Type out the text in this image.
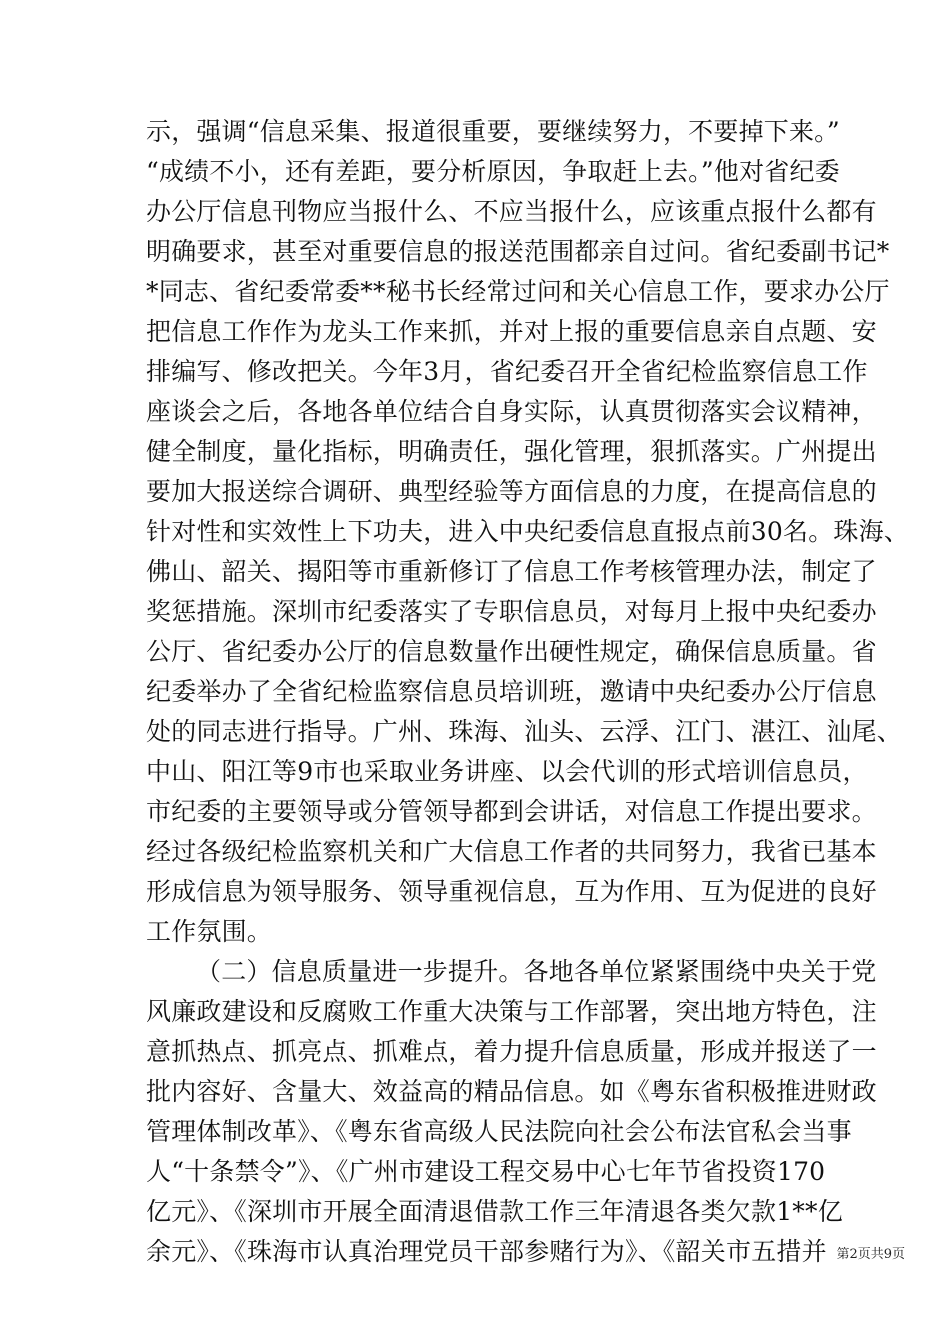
示，强调“信息采集、报道很重要，要继续努力，不要掉下来。”
“成绩不小，还有差距，要分析原因，争取赶上去。”他对省纪委
办公厅信息刊物应当报什么、不应当报什么，应该重点报什么都有
明确要求，甚至对重要信息的报送范围都亲自过问。省纪委副书记*
*同志、省纪委常委**秘书长经常过问和关心信息工作，要求办公厅
把信息工作作为龙头工作来抓，并对上报的重要信息亲自点题、安
排编写、修改把关。今年3月，省纪委召开全省纪检监察信息工作
座谈会之后，各地各单位结合自身实际，认真贯彻落实会议精神，
健全制度，量化指标，明确责任，强化管理，狠抓落实。广州提出
要加大报送综合调研、典型经验等方面信息的力度，在提高信息的
针对性和实效性上下功夫，进入中央纪委信息直报点前30名。珠海、
佛山、韶关、揭阳等市重新修订了信息工作考核管理办法，制定了
奖惩措施。深圳市纪委落实了专职信息员，对每月上报中央纪委办
公厅、省纪委办公厅的信息数量作出硬性规定，确保信息质量。省
纪委举办了全省纪检监察信息员培训班，邀请中央纪委办公厅信息
处的同志进行指导。广州、珠海、汕头、云浮、江门、湛江、汕尾、
中山、阳江等9市也采取业务讲座、以会代训的形式培训信息员，
市纪委的主要领导或分管领导都到会讲话，对信息工作提出要求。
经过各级纪检监察机关和广大信息工作者的共同努力，我省已基本
形成信息为领导服务、领导重视信息，互为作用、互为促进的良好
工作氛围。
（二）信息质量进一步提升。各地各单位紧紧围绕中央关于党
风廉政建设和反腐败工作重大决策与工作部署，突出地方特色，注
意抓热点、抓亮点、抓难点，着力提升信息质量，形成并报送了一
批内容好、含量大、效益高的精品信息。如《粤东省积极推进财政
管理体制改革》、《粤东省高级人民法院向社会公布法官私会当事
人“十条禁令”》、《广州市建设工程交易中心七年节省投资170
亿元》、《深圳市开展全面清退借款工作三年清退各类欠款1**亿
余元》、《珠海市认真治理党员干部参赌行为》、《韶关市五措并 第2页共9页
